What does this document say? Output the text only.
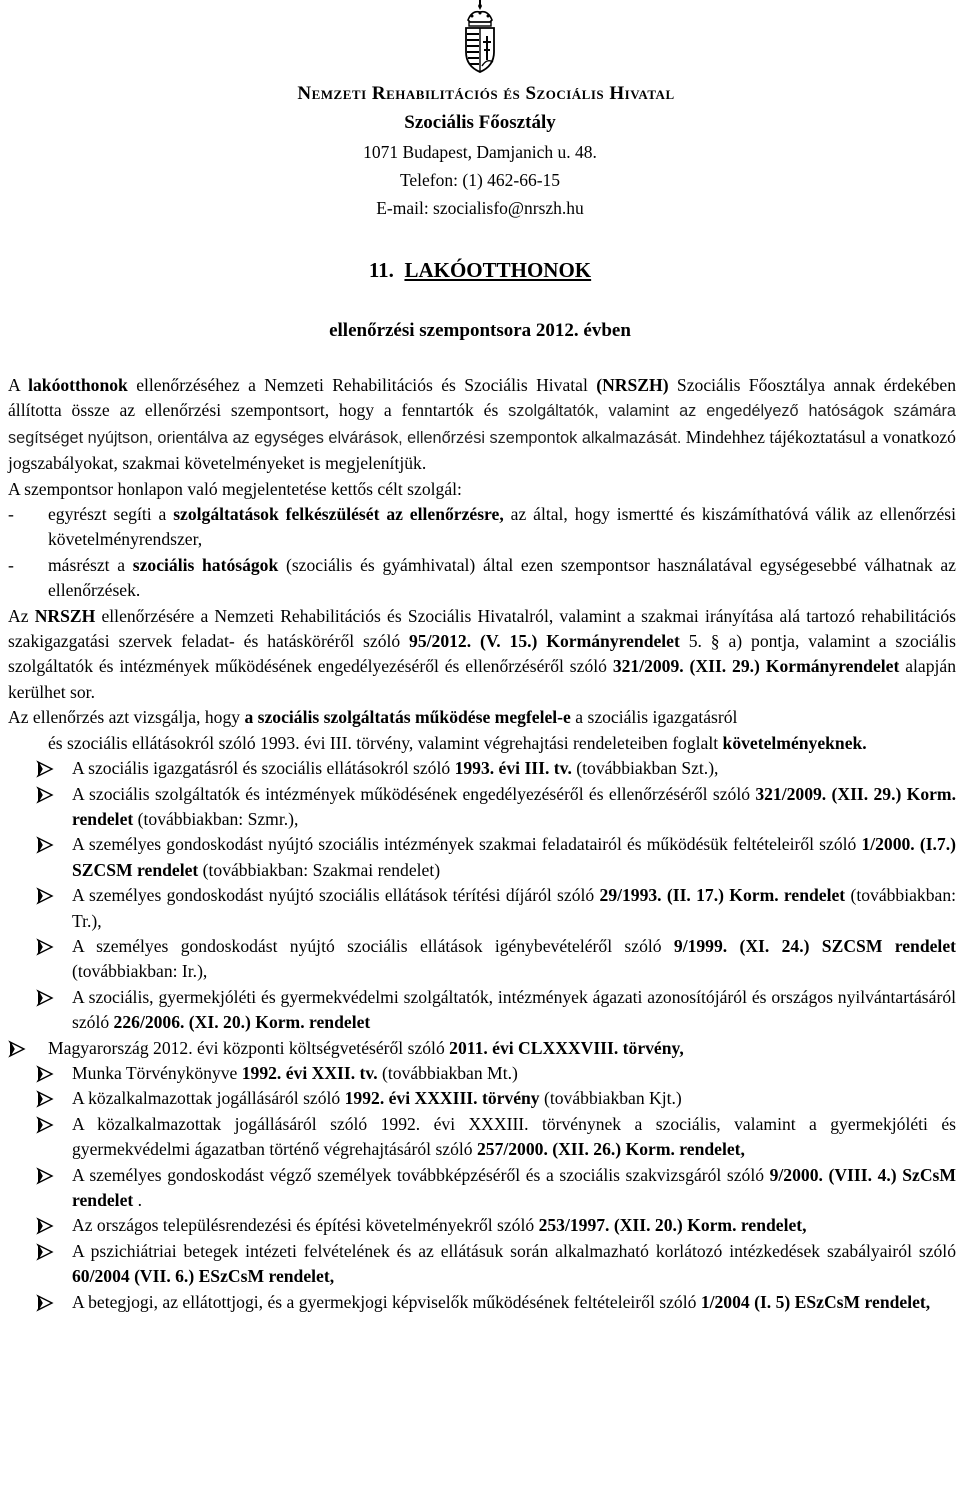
Nemzeti Rehabilitációs és Szociális Hivatal
Szociális Főosztály
1071 Budapest, Damjanich u. 48.
Telefon: (1) 462-66-15
E-mail: szocialisfo@nrszh.hu
11. LAKÓOTTHONOK
ellenőrzési szempontsora 2012. évben

A lakóotthonok ellenőrzéséhez a Nemzeti Rehabilitációs és Szociális Hivatal (NRSZH) Szociális Főosztálya annak érdekében állította össze az ellenőrzési szempontsort, hogy a fenntartók és szolgáltatók, valamint az engedélyező hatóságok számára segítséget nyújtson, orientálva az egységes elvárások, ellenőrzési szempontok alkalmazását. Mindehhez tájékoztatásul a vonatkozó jogszabályokat, szakmai követelményeket is megjelenítjük.

A szempontsor honlapon való megjelentetése kettős célt szolgál:

-	egyrészt segíti a szolgáltatások felkészülését az ellenőrzésre, az által, hogy ismertté és kiszámíthatóvá válik az ellenőrzési követelményrendszer,
-	másrészt a szociális hatóságok (szociális és gyámhivatal) által ezen szempontsor használatával egységesebbé válhatnak az ellenőrzések.

Az NRSZH ellenőrzésére a Nemzeti Rehabilitációs és Szociális Hivatalról, valamint a szakmai irányítása alá tartozó rehabilitációs szakigazgatási szervek feladat- és hatásköréről szóló 95/2012. (V. 15.) Kormányrendelet 5. § a) pontja, valamint a szociális szolgáltatók és intézmények működésének engedélyezéséről és ellenőrzéséről szóló 321/2009. (XII. 29.) Kormányrendelet alapján kerülhet sor.

Az ellenőrzés azt vizsgálja, hogy a szociális szolgáltatás működése megfelel-e a szociális igazgatásról

és szociális ellátásokról szóló 1993. évi III. törvény, valamint végrehajtási rendeleteiben foglalt követelményeknek.

A szociális igazgatásról és szociális ellátásokról szóló 1993. évi III. tv. (továbbiakban Szt.),
A szociális szolgáltatók és intézmények működésének engedélyezéséről és ellenőrzéséről szóló 321/2009. (XII. 29.) Korm. rendelet (továbbiakban: Szmr.),
A személyes gondoskodást nyújtó szociális intézmények szakmai feladatairól és működésük feltételeiről szóló 1/2000. (I.7.) SZCSM rendelet (továbbiakban: Szakmai rendelet)
A személyes gondoskodást nyújtó szociális ellátások térítési díjáról szóló 29/1993. (II. 17.) Korm. rendelet (továbbiakban: Tr.),
A személyes gondoskodást nyújtó szociális ellátások igénybevételéről szóló 9/1999. (XI. 24.) SZCSM rendelet (továbbiakban: Ir.),
A szociális, gyermekjóléti és gyermekvédelmi szolgáltatók, intézmények ágazati azonosítójáról és országos nyilvántartásáról szóló 226/2006. (XI. 20.) Korm. rendelet
Magyarország 2012. évi központi költségvetéséről szóló 2011. évi CLXXXVIII. törvény,
Munka Törvénykönyve 1992. évi XXII. tv. (továbbiakban Mt.)
A közalkalmazottak jogállásáról szóló 1992. évi XXXIII. törvény (továbbiakban Kjt.)
A közalkalmazottak jogállásáról szóló 1992. évi XXXIII. törvénynek a szociális, valamint a gyermekjóléti és gyermekvédelmi ágazatban történő végrehajtásáról szóló 257/2000. (XII. 26.) Korm. rendelet,
A személyes gondoskodást végző személyek továbbképzéséről és a szociális szakvizsgáról szóló 9/2000. (VIII. 4.) SzCsM rendelet .
Az országos településrendezési és építési követelményekről szóló 253/1997. (XII. 20.) Korm. rendelet,
A pszichiátriai betegek intézeti felvételének és az ellátásuk során alkalmazható korlátozó intézkedések szabályairól szóló 60/2004 (VII. 6.) ESzCsM rendelet,
A betegjogi, az ellátottjogi, és a gyermekjogi képviselők működésének feltételeiről szóló 1/2004 (I. 5) ESzCsM rendelet,
